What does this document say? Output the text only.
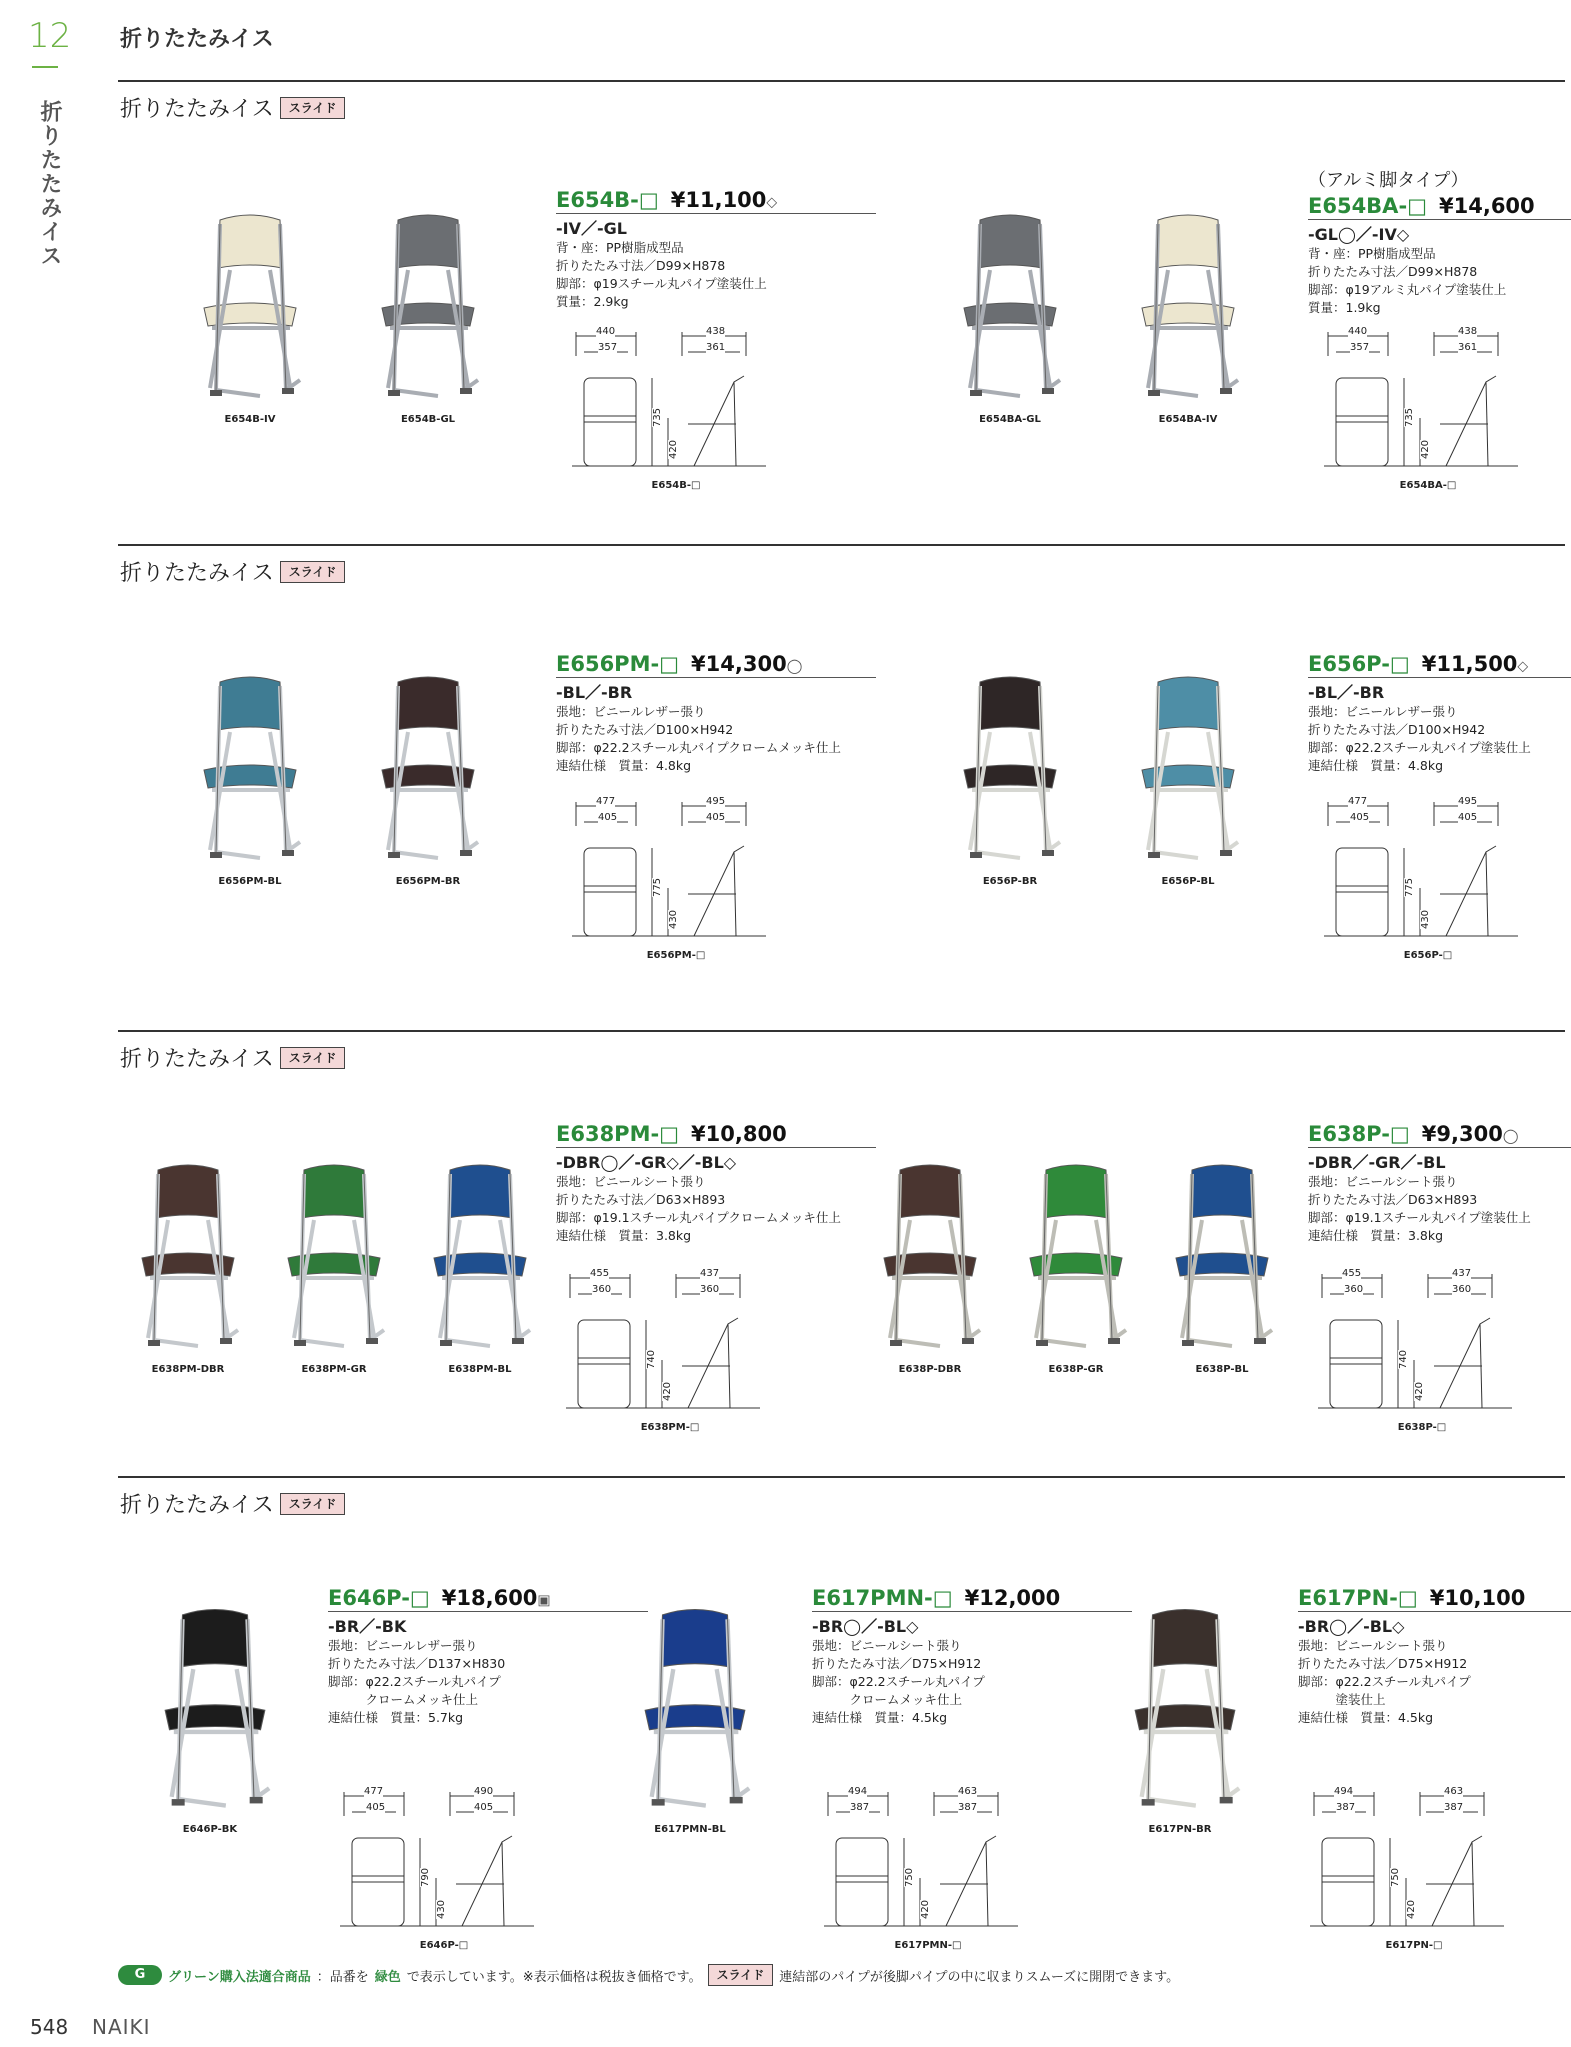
12
折りたたみイス
折りたたみイス
折りたたみイス	スライド
折りたたみイス	スライド
折りたたみイス	スライド
折りたたみイス	スライド
E654B-□ ¥11,100◇
-IV／-GL
背・座：PP樹脂成型品
折りたたみ寸法／D99×H878
脚部：φ19スチール丸パイプ塗装仕上
質量：2.9kg
440
357
438
361
735
420
E654B-□
E654B-IV	E654B-GL
（アルミ脚タイプ）
E654BA-□ ¥14,600
-GL◯／-IV◇
背・座：PP樹脂成型品
折りたたみ寸法／D99×H878
脚部：φ19アルミ丸パイプ塗装仕上
質量：1.9kg
440
357
438
361
735
420
E654BA-□
E654BA-GL	E654BA-IV
E656PM-□ ¥14,300◯
-BL／-BR
張地：ビニールレザー張り
折りたたみ寸法／D100×H942
脚部：φ22.2スチール丸パイプクロームメッキ仕上
連結仕様　質量：4.8kg
477
405
495
405
775
430
E656PM-□
E656PM-BL	E656PM-BR
E656P-□ ¥11,500◇
-BL／-BR
張地：ビニールレザー張り
折りたたみ寸法／D100×H942
脚部：φ22.2スチール丸パイプ塗装仕上
連結仕様　質量：4.8kg
477
405
495
405
775
430
E656P-□
E656P-BR	E656P-BL
E638PM-□ ¥10,800
-DBR◯／-GR◇／-BL◇
張地：ビニールシート張り
折りたたみ寸法／D63×H893
脚部：φ19.1スチール丸パイプクロームメッキ仕上
連結仕様　質量：3.8kg
455
360
437
360
740
420
E638PM-□
E638PM-DBR	E638PM-GR	E638PM-BL
E638P-□ ¥9,300◯
-DBR／-GR／-BL
張地：ビニールシート張り
折りたたみ寸法／D63×H893
脚部：φ19.1スチール丸パイプ塗装仕上
連結仕様　質量：3.8kg
455
360
437
360
740
420
E638P-□
E638P-DBR	E638P-GR	E638P-BL
E646P-□ ¥18,600▣
-BR／-BK
張地：ビニールレザー張り
折りたたみ寸法／D137×H830
脚部：φ22.2スチール丸パイプ
　　　クロームメッキ仕上
連結仕様　質量：5.7kg
477
405
490
405
790
430
E646P-□
E646P-BK
E617PMN-□ ¥12,000
-BR◯／-BL◇
張地：ビニールシート張り
折りたたみ寸法／D75×H912
脚部：φ22.2スチール丸パイプ
　　　クロームメッキ仕上
連結仕様　質量：4.5kg
494
387
463
387
750
420
E617PMN-□
E617PMN-BL
E617PN-□ ¥10,100
-BR◯／-BL◇
張地：ビニールシート張り
折りたたみ寸法／D75×H912
脚部：φ22.2スチール丸パイプ
　　　塗装仕上
連結仕様　質量：4.5kg
494
387
463
387
750
420
E617PN-□
E617PN-BR
G	グリーン購入法適合商品 ：品番を 緑色 で表示しています。※表示価格は税抜き価格です。	スライド	連結部のパイプが後脚パイプの中に収まりスムーズに開閉できます。
548 NAIKI
